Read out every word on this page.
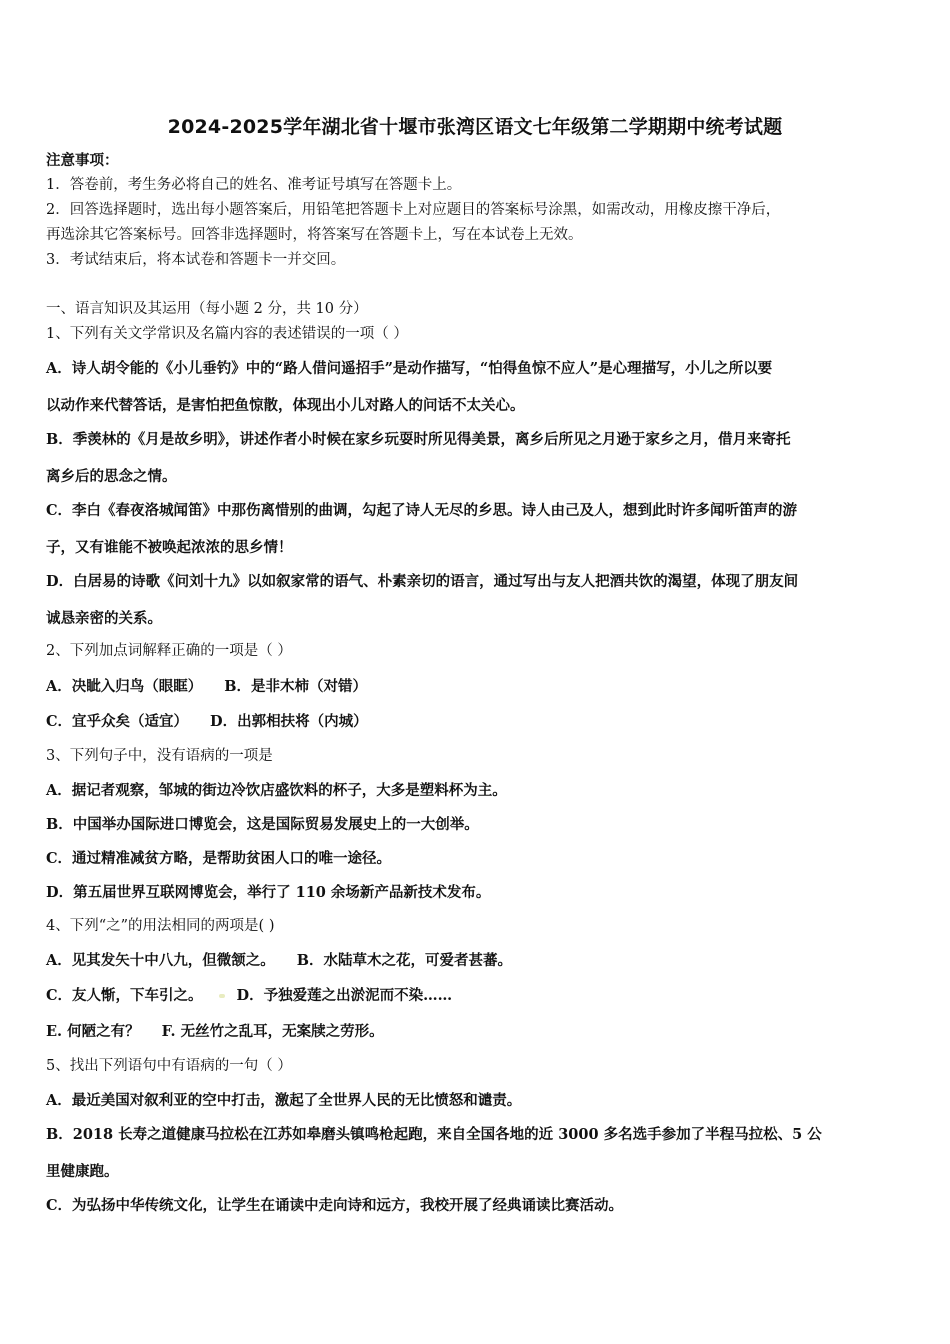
2024-2025学年湖北省十堰市张湾区语文七年级第二学期期中统考试题
注意事项：
1．答卷前，考生务必将自己的姓名、准考证号填写在答题卡上。
2．回答选择题时，选出每小题答案后，用铅笔把答题卡上对应题目的答案标号涂黑，如需改动，用橡皮擦干净后，
再选涂其它答案标号。回答非选择题时，将答案写在答题卡上，写在本试卷上无效。
3．考试结束后，将本试卷和答题卡一并交回。
一、语言知识及其运用（每小题 2 分，共 10 分）
1、下列有关文学常识及名篇内容的表述错误的一项（ ）
A．诗人胡令能的《小儿垂钓》中的“路人借问遥招手”是动作描写，“怕得鱼惊不应人”是心理描写，小儿之所以要
以动作来代替答话，是害怕把鱼惊散，体现出小儿对路人的问话不太关心。
B．季羡林的《月是故乡明》，讲述作者小时候在家乡玩耍时所见得美景，离乡后所见之月逊于家乡之月，借月来寄托
离乡后的思念之情。
C．李白《春夜洛城闻笛》中那伤离惜别的曲调，勾起了诗人无尽的乡思。诗人由己及人，想到此时许多闻听笛声的游
子，又有谁能不被唤起浓浓的思乡情！
D．白居易的诗歌《问刘十九》以如叙家常的语气、朴素亲切的语言，通过写出与友人把酒共饮的渴望，体现了朋友间
诚恳亲密的关系。
2、下列加点词解释正确的一项是（ ）
A．决眦入归鸟（眼眶） B．是非木柿（对错）
C．宜乎众矣（适宜） D．出郭相扶将（内城）
3、下列句子中，没有语病的一项是
A．据记者观察，邹城的街边冷饮店盛饮料的杯子，大多是塑料杯为主。
B．中国举办国际进口博览会，这是国际贸易发展史上的一大创举。
C．通过精准减贫方略，是帮助贫困人口的唯一途径。
D．第五届世界互联网博览会，举行了 110 余场新产品新技术发布。
4、下列“之”的用法相同的两项是( )
A．见其发矢十中八九，但微颔之。 B．水陆草木之花，可爱者甚蕃。
C．友人惭，下车引之。 D．予独爱莲之出淤泥而不染……
E. 何陋之有？ F. 无丝竹之乱耳，无案牍之劳形。
5、找出下列语句中有语病的一句（ ）
A．最近美国对叙利亚的空中打击，激起了全世界人民的无比愤怒和谴责。
B．2018 长寿之道健康马拉松在江苏如皋磨头镇鸣枪起跑，来自全国各地的近 3000 多名选手参加了半程马拉松、5 公
里健康跑。
C．为弘扬中华传统文化，让学生在诵读中走向诗和远方，我校开展了经典诵读比赛活动。
